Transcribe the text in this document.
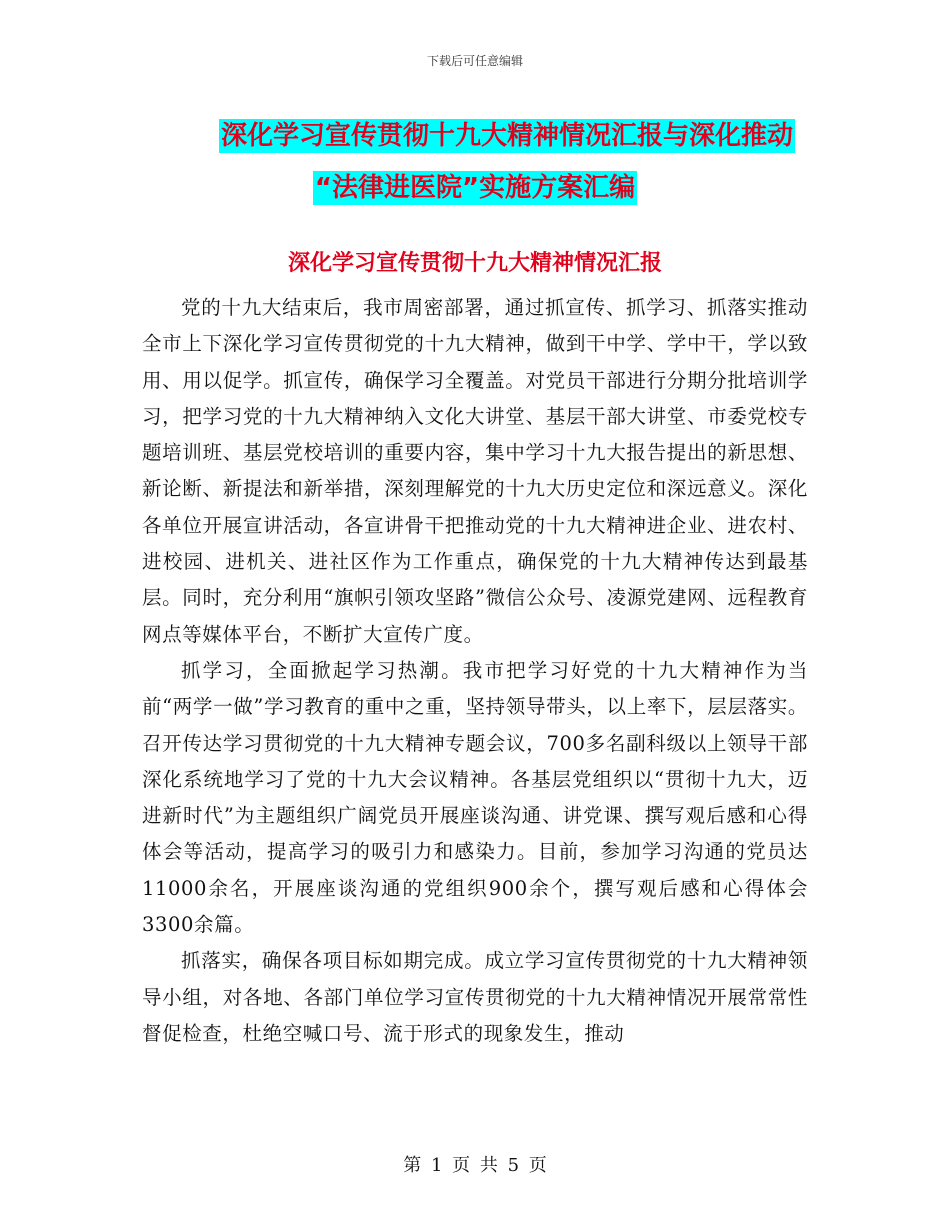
下载后可任意编辑
深化学习宣传贯彻十九大精神情况汇报与深化推动
“法律进医院”实施方案汇编
深化学习宣传贯彻十九大精神情况汇报

党的十九大结束后，我市周密部署，通过抓宣传、抓学习、抓落实推动全市上下深化学习宣传贯彻党的十九大精神，做到干中学、学中干，学以致用、用以促学。抓宣传，确保学习全覆盖。对党员干部进行分期分批培训学习，把学习党的十九大精神纳入文化大讲堂、基层干部大讲堂、市委党校专题培训班、基层党校培训的重要内容，集中学习十九大报告提出的新思想、新论断、新提法和新举措，深刻理解党的十九大历史定位和深远意义。深化各单位开展宣讲活动，各宣讲骨干把推动党的十九大精神进企业、进农村、进校园、进机关、进社区作为工作重点，确保党的十九大精神传达到最基层。同时，充分利用“旗帜引领攻坚路”微信公众号、凌源党建网、远程教育网点等媒体平台，不断扩大宣传广度。

抓学习，全面掀起学习热潮。我市把学习好党的十九大精神作为当前“两学一做”学习教育的重中之重，坚持领导带头，以上率下，层层落实。召开传达学习贯彻党的十九大精神专题会议，700多名副科级以上领导干部深化系统地学习了党的十九大会议精神。各基层党组织以“贯彻十九大，迈进新时代”为主题组织广阔党员开展座谈沟通、讲党课、撰写观后感和心得体会等活动，提高学习的吸引力和感染力。目前，参加学习沟通的党员达11000余名，开展座谈沟通的党组织900余个，撰写观后感和心得体会3300余篇。

抓落实，确保各项目标如期完成。成立学习宣传贯彻党的十九大精神领导小组，对各地、各部门单位学习宣传贯彻党的十九大精神情况开展常常性督促检查，杜绝空喊口号、流于形式的现象发生，推动

第 1 页 共 5 页
